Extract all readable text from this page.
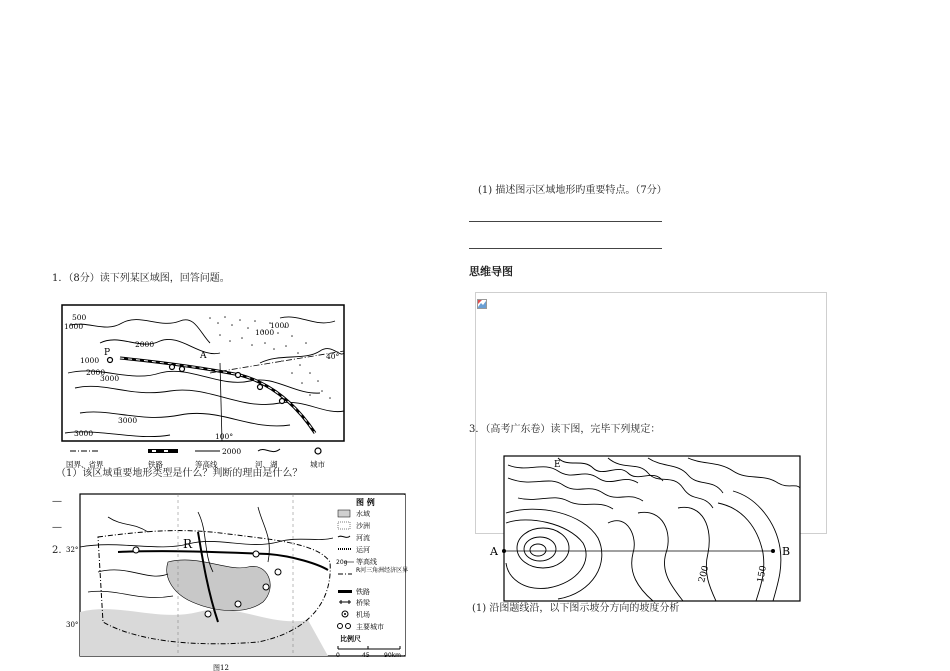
1．（8分）读下列某区域图，回答问题。
500
1000	1000
1000
1000
2000
2000
3000
3000
3000
P	A	40°
100°
2000
国界、省界	铁路	等高线	河、湖	城市
（1）该区域重要地形类型是什么？判断的理由是什么？
—
—
2.
图 例
水域
沙洲
河流
运河
20g 等高线
R河三角洲经济区界
铁路
桥梁
机场
主要城市
比例尺
0	45 90km
32°
30°
R
图12
(1) 描述图示区域地形旳重要特点。（7分）
思维导图
3．（高考广东卷）读下图，完毕下列规定：
A	B
E
200	150
(1) 沿图题线沿，以下图示坡分方向的坡度分析
